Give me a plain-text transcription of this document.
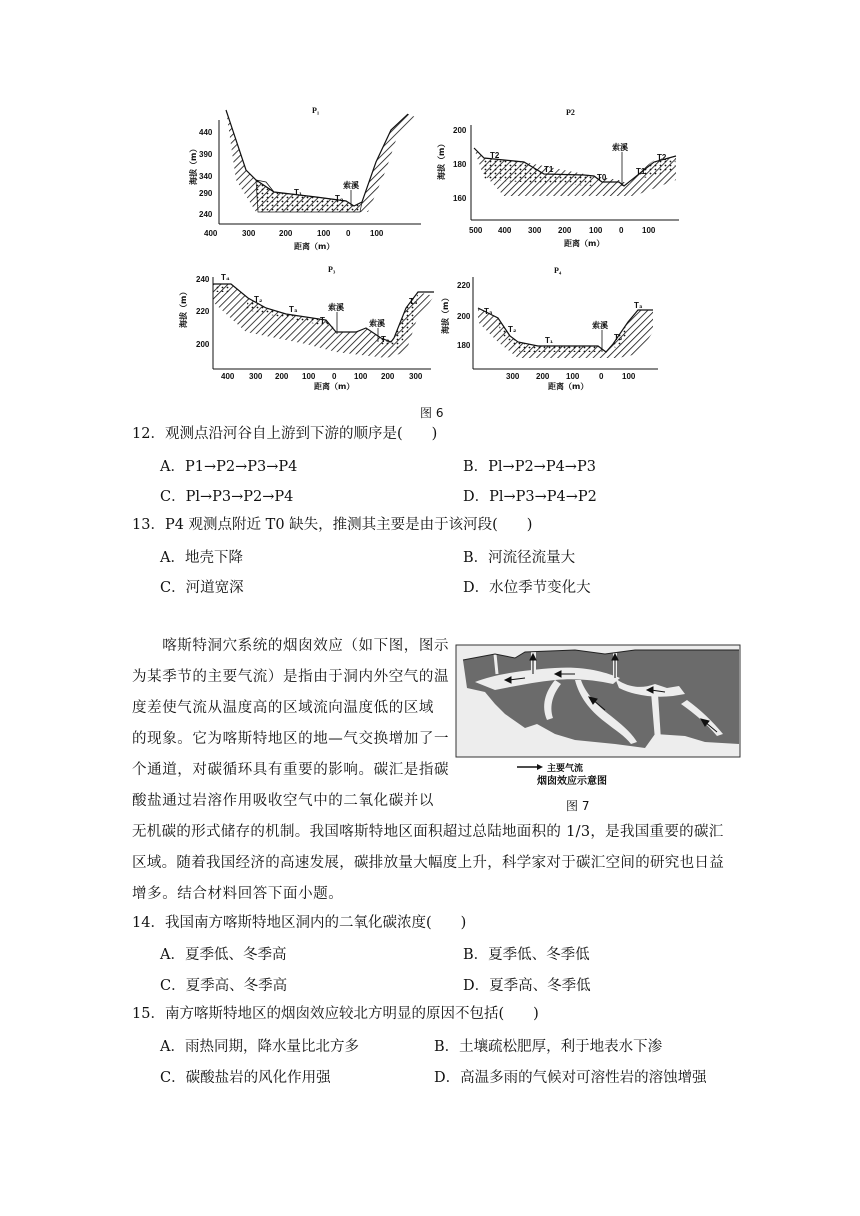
P₁
海拔（m）
440
390
340
290
240
T₁
T₀
索溪
400	300	200	100 0 100
距离（m）
P2
海拔（m）
200
180
160
T2
T1
T0
索溪
T1
T2
500 400 300 200 100 0 100
距离（m）
P₃
海拔（m）
240
220
200
T₄
T₂
T₃
T₁
索溪
索溪
T₀
T₃
400 300 200 100 0 100 200 300
距离（m）
P₄
海拔（m）
220
200
180
T₃
T₂
T₁
索溪
T₂
T₃
300 200 100 0 100
距离（m）
图 6
12．观测点沿河谷自上游到下游的顺序是(　　)
A．P1→P2→P3→P4	B．Pl→P2→P4→P3
C．Pl→P3→P2→P4	D．Pl→P3→P4→P2
13．P4 观测点附近 T0 缺失，推测其主要是由于该河段(　　)
A．地壳下降	B．河流径流量大
C．河道宽深	D．水位季节变化大

　　喀斯特洞穴系统的烟囱效应（如下图，图示

为某季节的主要气流）是指由于洞内外空气的温

度差使气流从温度高的区域流向温度低的区域

的现象。它为喀斯特地区的地—气交换增加了一

个通道，对碳循环具有重要的影响。碳汇是指碳

酸盐通过岩溶作用吸收空气中的二氧化碳并以

无机碳的形式储存的机制。我国喀斯特地区面积超过总陆地面积的 1/3，是我国重要的碳汇

区域。随着我国经济的高速发展，碳排放量大幅度上升，科学家对于碳汇空间的研究也日益

增多。结合材料回答下面小题。

主要气流
烟囱效应示意图
图 7
14．我国南方喀斯特地区洞内的二氧化碳浓度(　　)
A．夏季低、冬季高	B．夏季低、冬季低
C．夏季高、冬季高	D．夏季高、冬季低
15．南方喀斯特地区的烟囱效应较北方明显的原因不包括(　　)
A．雨热同期，降水量比北方多	B．土壤疏松肥厚，利于地表水下渗
C．碳酸盐岩的风化作用强	D．高温多雨的气候对可溶性岩的溶蚀增强
